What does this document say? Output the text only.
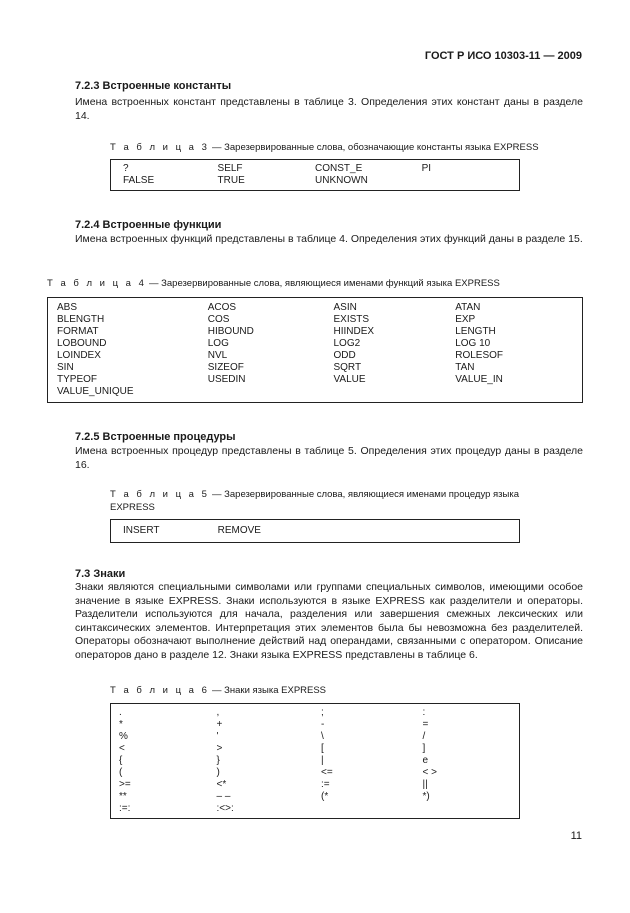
ГОСТ Р ИСО 10303-11 — 2009
7.2.3 Встроенные константы
Имена встроенных констант представлены в таблице 3. Определения этих констант даны в разделе 14.
Т а б л и ц а 3 — Зарезервированные слова, обозначающие константы языка EXPRESS
?	SELF	CONST_E	PI
FALSE	TRUE	UNKNOWN	
7.2.4 Встроенные функции
Имена встроенных функций представлены в таблице 4. Определения этих функций даны в разделе 15.
Т а б л и ц а 4 — Зарезервированные слова, являющиеся именами функций языка EXPRESS
ABS	ACOS	ASIN	ATAN
BLENGTH	COS	EXISTS	EXP
FORMAT	HIBOUND	HIINDEX	LENGTH
LOBOUND	LOG	LOG2	LOG 10
LOINDEX	NVL	ODD	ROLESOF
SIN	SIZEOF	SQRT	TAN
TYPEOF	USEDIN	VALUE	VALUE_IN
VALUE_UNIQUE			
7.2.5 Встроенные процедуры
Имена встроенных процедур представлены в таблице 5. Определения этих процедур даны в разделе 16.
Т а б л и ц а 5 — Зарезервированные слова, являющиеся именами процедур языка EXPRESS
INSERT	REMOVE
7.3 Знаки
Знаки являются специальными символами или группами специальных символов, имеющими особое значение в языке EXPRESS. Знаки используются в языке EXPRESS как разделители и операторы. Разделители используются для начала, разделения или завершения смежных лексических или синтаксических элементов. Интерпретация этих элементов была бы невозможна без разделителей. Операторы обозначают выполнение действий над операндами, связанными с оператором. Описание операторов дано в разделе 12. Знаки языка EXPRESS представлены в таблице 6.
Т а б л и ц а 6 — Знаки языка EXPRESS
.	,	;	:
*	+	-	=
%	'	\	/
<	>	[	]
{	}	|	e
(	)	<=	< >
>=	<*	:=	||
**	– –	(*	*)
:=:	:<>:		
11
